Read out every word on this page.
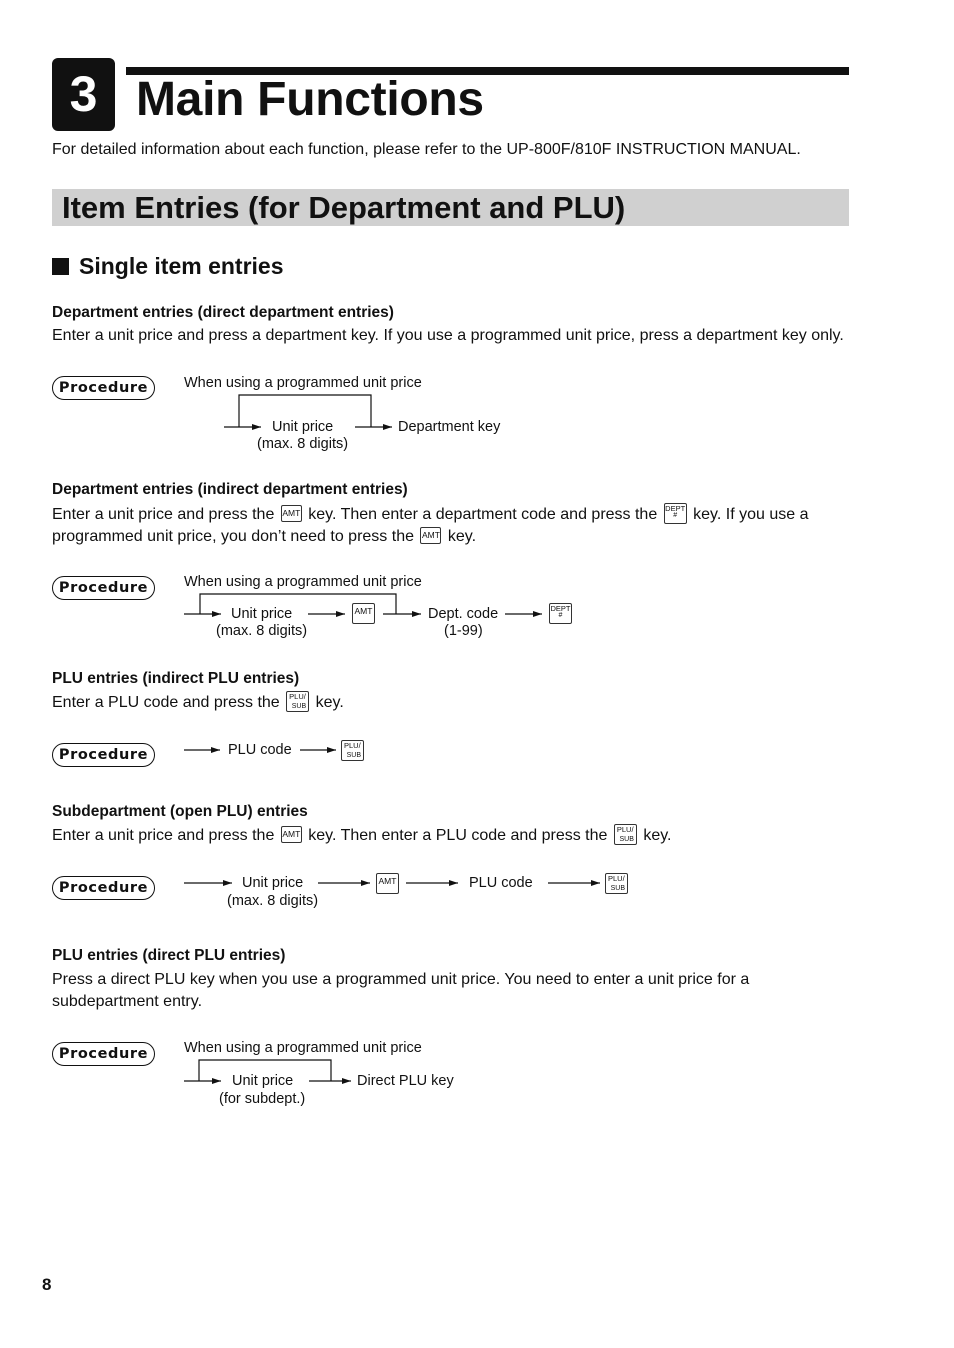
3 Main Functions
For detailed information about each function, please refer to the UP-800F/810F INSTRUCTION MANUAL.
Item Entries (for Department and PLU)
Single item entries
Department entries (direct department entries)
Enter a unit price and press a department key. If you use a programmed unit price, press a department key only.
Procedure	When using a programmed unit price
Unit price
(max. 8 digits)
Department key
Department entries (indirect department entries)
Enter a unit price and press the AMT key. Then enter a department code and press the DEPT
#	key. If you use a
programmed unit price, you don’t need to press the AMT key.
Procedure	When using a programmed unit price
Unit price
(max. 8 digits)
AMT	Dept. code
(1-99)
DEPT
#
PLU entries (indirect PLU entries)
Enter a PLU code and press the PLU/
SUB key.
Procedure	PLU code	PLU/
SUB
Subdepartment (open PLU) entries
Enter a unit price and press the AMT key. Then enter a PLU code and press the PLU/
SUB key.
Procedure	Unit price
(max. 8 digits)
AMT	PLU code	PLU/
SUB
PLU entries (direct PLU entries)
Press a direct PLU key when you use a programmed unit price. You need to enter a unit price for a subdepartment entry.
Procedure	When using a programmed unit price
Unit price
(for subdept.)
Direct PLU key
8
